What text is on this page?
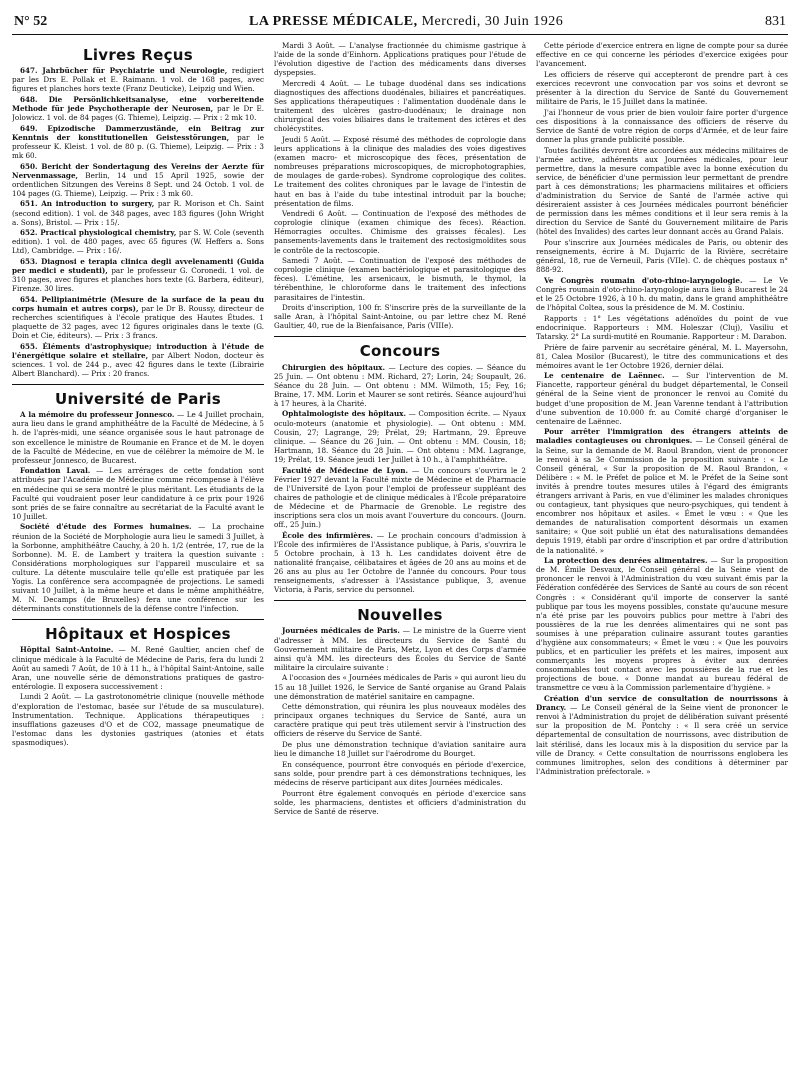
N° 52	LA PRESSE MÉDICALE, Mercredi, 30 Juin 1926	831
Livres Reçus

647. Jahrbücher für Psychiatrie und Neurologie, redigiert par les Drs E. Pollak et E. Raimann. 1 vol. de 168 pages, avec figures et planches hors texte (Franz Deuticke), Leipzig und Wien.

648. Die Persönlichkeitsanalyse, eine vorbereitende Methode für jede Psychotherapie der Neurosen, par le Dr E. Jolowicz. 1 vol. de 84 pages (G. Thieme), Leipzig. — Prix : 2 mk 10.

649. Epizodische Dammerzustände, ein Beitrag zur Kenntnis der konstitutionellen Geistesstörungen, par le professeur K. Kleist. 1 vol. de 80 p. (G. Thieme), Leipzig. — Prix : 3 mk 60.

650. Bericht der Sondertagung des Vereins der Aerzte für Nervenmassage, Berlin, 14 und 15 April 1925, sowie der ordentlichen Sitzungen des Vereins 8 Sept. und 24 Octob. 1 vol. de 104 pages (G. Thieme), Leipzig. — Prix : 3 mk 60.

651. An introduction to surgery, par R. Morison et Ch. Saint (second edition). 1 vol. de 348 pages, avec 183 figures (John Wright a. Sons), Bristol. — Prix : 15/.

652. Practical physiological chemistry, par S. W. Cole (seventh edition). 1 vol. de 480 pages, avec 65 figures (W. Heffers a. Sons Ltd), Cambridge. — Prix : 16/.

653. Diagnosi e terapia clinica degli avvelenamenti (Guida per medici e studenti), par le professeur G. Coronedi. 1 vol. de 310 pages, avec figures et planches hors texte (G. Barbera, éditeur), Firenze. 30 lires.

654. Pellipianimétrie (Mesure de la surface de la peau du corps humain et autres corps), par le Dr B. Roussy, directeur de recherches scientifiques à l'école pratique des Hautes Études. 1 plaquette de 32 pages, avec 12 figures originales dans le texte (G. Doin et Cie, éditeurs). — Prix : 3 francs.

655. Éléments d'astrophysique; introduction à l'étude de l'énergétique solaire et stellaire, par Albert Nodon, docteur ès sciences. 1 vol. de 244 p., avec 42 figures dans le texte (Librairie Albert Blanchard). — Prix : 20 francs.

Université de Paris

A la mémoire du professeur Jonnesco. — Le 4 Juillet prochain, aura lieu dans le grand amphithéâtre de la Faculté de Médecine, à 5 h. de l'après-midi, une séance organisée sous le haut patronage de son excellence le ministre de Roumanie en France et de M. le doyen de la Faculté de Médecine, en vue de célébrer la mémoire de M. le professeur Jonnesco, de Bucarest.

Fondation Laval. — Les arrérages de cette fondation sont attribués par l'Académie de Médecine comme récompense à l'élève en médecine qui se sera montré le plus méritant. Les étudiants de la Faculté qui voudraient poser leur candidature à ce prix pour 1926 sont priés de se faire connaître au secrétariat de la Faculté avant le 10 Juillet.

Société d'étude des Formes humaines. — La prochaine réunion de la Société de Morphologie aura lieu le samedi 3 Juillet, à la Sorbonne, amphithéâtre Cauchy, à 20 h. 1/2 (entrée, 17, rue de la Sorbonne). M. E. de Lambert y traitera la question suivante : Considérations morphologiques sur l'appareil musculaire et sa culture. La détente musculaire telle qu'elle est pratiquée par les Yogis. La conférence sera accompagnée de projections. Le samedi suivant 10 Juillet, à la même heure et dans le même amphithéâtre, M. N. Decamps (de Bruxelles) fera une conférence sur les déterminants constitutionnels de la défense contre l'infection.

Hôpitaux et Hospices

Hôpital Saint-Antoine. — M. René Gaultier, ancien chef de clinique médicale à la Faculté de Médecine de Paris, fera du lundi 2 Août au samedi 7 Août, de 10 à 11 h., à l'hôpital Saint-Antoine, salle Aran, une nouvelle série de démonstrations pratiques de gastro-entérologie. Il exposera successivement :

Lundi 2 Août. — La gastrotonométrie clinique (nouvelle méthode d'exploration de l'estomac, basée sur l'étude de sa musculature). Instrumentation. Technique. Applications thérapeutiques : insufflations gazeuses d'O et de CO2, massage pneumatique de l'estomac dans les dystonies gastriques (atonies et états spasmodiques).

Mardi 3 Août. — L'analyse fractionnée du chimisme gastrique à l'aide de la sonde d'Einhorn. Applications pratiques pour l'étude de l'évolution digestive de l'action des médicaments dans diverses dyspepsies.

Mercredi 4 Août. — Le tubage duodénal dans ses indications diagnostiques des affections duodénales, biliaires et pancréatiques. Ses applications thérapeutiques : l'alimentation duodénale dans le traitement des ulcères gastro-duodénaux; le drainage non chirurgical des voies biliaires dans le traitement des ictères et des cholécystites.

Jeudi 5 Août. — Exposé résumé des méthodes de coprologie dans leurs applications à la clinique des maladies des voies digestives (examen macro- et microscopique des fèces, présentation de nombreuses préparations microscopiques, de microphotographies, de moulages de garde-robes). Syndrome coprologique des colites. Le traitement des colites chroniques par le lavage de l'intestin de haut en bas à l'aide du tube intestinal introduit par la bouche; présentation de films.

Vendredi 6 Août. — Continuation de l'exposé des méthodes de coprologie clinique (examen chimique des fèces). Réaction. Hémorragies occultes. Chimisme des graisses fécales). Les pansements-lavements dans le traitement des rectosigmoïdites sous le contrôle de la rectoscopie.

Samedi 7 Août. — Continuation de l'exposé des méthodes de coprologie clinique (examen bactériologique et parasitologique des fèces). L'émétine, les arsenicaux, le bismuth, le thymol, la térébenthine, le chloroforme dans le traitement des infections parasitaires de l'intestin.

Droits d'inscription, 100 fr. S'inscrire près de la surveillante de la salle Aran, à l'hôpital Saint-Antoine, ou par lettre chez M. René Gaultier, 40, rue de la Bienfaisance, Paris (VIIIe).

Concours

Chirurgien des hôpitaux. — Lecture des copies. — Séance du 25 Juin. — Ont obtenu : MM. Richard, 27; Lorin, 24; Soupault, 26. Séance du 28 Juin. — Ont obtenu : MM. Wilmoth, 15; Fey, 16; Braine, 17. MM. Lorin et Maurer se sont retirés. Séance aujourd'hui à 17 heures, à la Charité.

Ophtalmologiste des hôpitaux. — Composition écrite. — Nyaux oculo-moteurs (anatomie et physiologie). — Ont obtenu : MM. Cousin, 27; Lagrange, 29; Prélat, 29; Hartmann, 29. Épreuve clinique. — Séance du 26 Juin. — Ont obtenu : MM. Cousin, 18; Hartmann, 18. Séance du 28 Juin. — Ont obtenu : MM. Lagrange, 19; Prélat, 19. Séance jeudi 1er Juillet à 10 h., à l'amphithéâtre.

Faculté de Médecine de Lyon. — Un concours s'ouvrira le 2 Février 1927 devant la Faculté mixte de Médecine et de Pharmacie de l'Université de Lyon pour l'emploi de professeur suppléant des chaires de pathologie et de clinique médicales à l'École préparatoire de Médecine et de Pharmacie de Grenoble. Le registre des inscriptions sera clos un mois avant l'ouverture du concours. (Journ. off., 25 Juin.)

École des infirmières. — Le prochain concours d'admission à l'École des infirmières de l'Assistance publique, à Paris, s'ouvrira le 5 Octobre prochain, à 13 h. Les candidates doivent être de nationalité française, célibataires et âgées de 20 ans au moins et de 26 ans au plus au 1er Octobre de l'année du concours. Pour tous renseignements, s'adresser à l'Assistance publique, 3, avenue Victoria, à Paris, service du personnel.

Nouvelles

Journées médicales de Paris. — Le ministre de la Guerre vient d'adresser à MM. les directeurs du Service de Santé du Gouvernement militaire de Paris, Metz, Lyon et des Corps d'armée ainsi qu'à MM. les directeurs des Écoles du Service de Santé militaire la circulaire suivante :

A l'occasion des « Journées médicales de Paris » qui auront lieu du 15 au 18 Juillet 1926, le Service de Santé organise au Grand Palais une démonstration de matériel sanitaire en campagne.

Cette démonstration, qui réunira les plus nouveaux modèles des principaux organes techniques du Service de Santé, aura un caractère pratique qui peut très utilement servir à l'instruction des officiers de réserve du Service de Santé.

De plus une démonstration technique d'aviation sanitaire aura lieu le dimanche 18 Juillet sur l'aérodrome du Bourget.

En conséquence, pourront être convoqués en période d'exercice, sans solde, pour prendre part à ces démonstrations techniques, les médecins de réserve participant aux dites Journées médicales.

Pourront être également convoqués en période d'exercice sans solde, les pharmaciens, dentistes et officiers d'administration du Service de Santé de réserve.

Cette période d'exercice entrera en ligne de compte pour sa durée effective en ce qui concerne les périodes d'exercice exigées pour l'avancement.

Les officiers de réserve qui accepteront de prendre part à ces exercices recevront une convocation par vos soins et devront se présenter à la direction du Service de Santé du Gouvernement militaire de Paris, le 15 Juillet dans la matinée.

J'ai l'honneur de vous prier de bien vouloir faire porter d'urgence ces dispositions à la connaissance des officiers de réserve du Service de Santé de votre région de corps d'Armée, et de leur faire donner la plus grande publicité possible.

Toutes facilités devront être accordées aux médecins militaires de l'armée active, adhérents aux Journées médicales, pour leur permettre, dans la mesure compatible avec la bonne exécution du service, de bénéficier d'une permission leur permettant de prendre part à ces démonstrations; les pharmaciens militaires et officiers d'administration du Service de Santé de l'armée active qui désireraient assister à ces Journées médicales pourront bénéficier de permission dans les mêmes conditions et il leur sera remis à la direction du Service de Santé du Gouvernement militaire de Paris (hôtel des Invalides) des cartes leur donnant accès au Grand Palais.

Pour s'inscrire aux Journées médicales de Paris, ou obtenir des renseignements, écrire à M. Dujarric de la Rivière, secrétaire général, 18, rue de Verneuil, Paris (VIIe). C. de chèques postaux n° 888-92.

Ve Congrès roumain d'oto-rhino-laryngologie. — Le Ve Congrès roumain d'oto-rhino-laryngologie aura lieu à Bucarest le 24 et le 25 Octobre 1926, à 10 h. du matin, dans le grand amphithéâtre de l'hôpital Coltea, sous la présidence de M. M. Costiniu.

Rapports : 1° Les végétations adénoïdes du point de vue endocrinique. Rapporteurs : MM. Holeszar (Cluj), Vasiliu et Tatarsky. 2° La surdi-mutité en Roumanie. Rapporteur : M. Darabon.

Prière de faire parvenir au secrétaire général, M. L. Mayersohn, 81, Calea Mosilor (Bucarest), le titre des communications et des mémoires avant le 1er Octobre 1926, dernier délai.

Le centenaire de Laënnec. — Sur l'intervention de M. Fiancette, rapporteur général du budget départemental, le Conseil général de la Seine vient de prononcer le renvoi au Comité du budget d'une proposition de M. Jean Varenne tendant à l'attribution d'une subvention de 10.000 fr. au Comité chargé d'organiser le centenaire de Laënnec.

Pour arrêter l'immigration des étrangers atteints de maladies contagieuses ou chroniques. — Le Conseil général de la Seine, sur la demande de M. Raoul Brandon, vient de prononcer le renvoi à sa 3e Commission de la proposition suivante : « Le Conseil général, « Sur la proposition de M. Raoul Brandon, « Délibère : « M. le Préfet de police et M. le Préfet de la Seine sont invités à prendre toutes mesures utiles à l'égard des émigrants étrangers arrivant à Paris, en vue d'éliminer les malades chroniques ou contagieux, tant physiques que neuro-psychiques, qui tendent à encombrer nos hôpitaux et asiles. « Émet le vœu : « Que les demandes de naturalisation comportent désormais un examen sanitaire; « Que soit publié un état des naturalisations demandées depuis 1919, établi par ordre d'inscription et par ordre d'attribution de la nationalité. »

La protection des denrées alimentaires. — Sur la proposition de M. Émile Desvaux, le Conseil général de la Seine vient de prononcer le renvoi à l'Administration du vœu suivant émis par la Fédération confédérée des Services de Santé au cours de son récent Congrès : « Considérant qu'il importe de conserver la santé publique par tous les moyens possibles, constate qu'aucune mesure n'a été prise par les pouvoirs publics pour mettre à l'abri des poussières de la rue les denrées alimentaires qui ne sont pas soumises à une préparation culinaire assurant toutes garanties d'hygiène aux consommateurs; « Émet le vœu : « Que les pouvoirs publics, et en particulier les préfets et les maires, imposent aux commerçants les moyens propres à éviter aux denrées consommables tout contact avec les poussières de la rue et les projections de boue. « Donne mandat au bureau fédéral de transmettre ce vœu à la Commission parlementaire d'hygiène. »

Création d'un service de consultation de nourrissons à Drancy. — Le Conseil général de la Seine vient de prononcer le renvoi à l'Administration du projet de délibération suivant présenté sur la proposition de M. Pontchy : « Il sera créé un service départemental de consultation de nourrissons, avec distribution de lait stérilisé, dans les locaux mis à la disposition du service par la ville de Drancy. « Cette consultation de nourrissons englobera les communes limitrophes, selon des conditions à déterminer par l'Administration préfectorale. »
